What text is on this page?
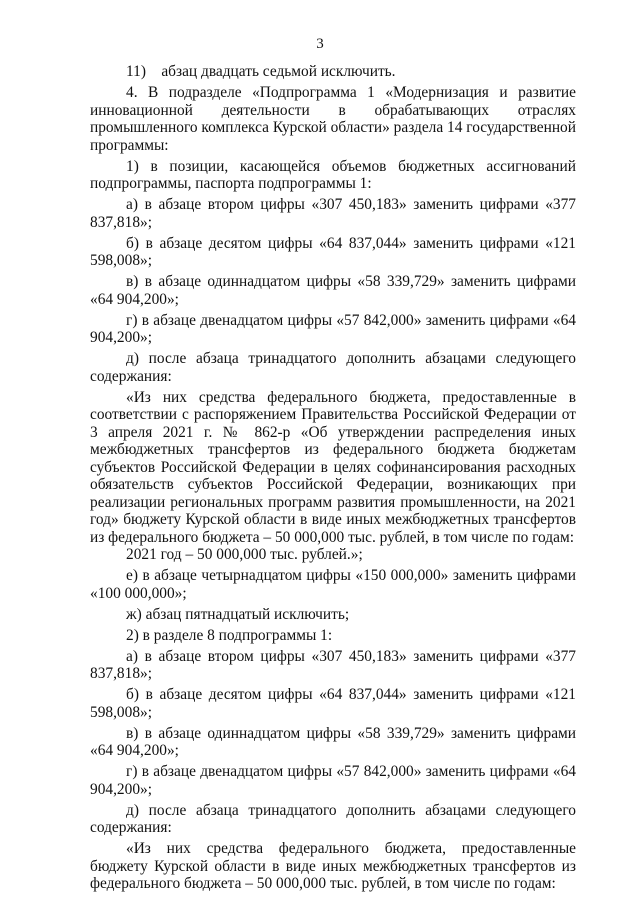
3

11)    абзац двадцать седьмой исключить.

4. В подразделе «Подпрограмма 1 «Модернизация и развитие инновационной деятельности в обрабатывающих отраслях промышленного комплекса Курской области» раздела 14 государственной программы:

1) в позиции, касающейся объемов бюджетных ассигнований подпрограммы, паспорта подпрограммы 1:

а) в абзаце втором цифры «307 450,183» заменить цифрами «377 837,818»;

б) в абзаце десятом цифры «64 837,044» заменить цифрами «121 598,008»;

в) в абзаце одиннадцатом цифры «58 339,729» заменить цифрами «64 904,200»;

г) в абзаце двенадцатом цифры «57 842,000» заменить цифрами «64 904,200»;

д) после абзаца тринадцатого дополнить абзацами следующего содержания:

«Из них средства федерального бюджета, предоставленные в соответствии с распоряжением Правительства Российской Федерации от 3 апреля 2021 г. № 862-р «Об утверждении распределения иных межбюджетных трансфертов из федерального бюджета бюджетам субъектов Российской Федерации в целях софинансирования расходных обязательств субъектов Российской Федерации, возникающих при реализации региональных программ развития промышленности, на 2021 год» бюджету Курской области в виде иных межбюджетных трансфертов из федерального бюджета – 50 000,000 тыс. рублей, в том числе по годам:

2021 год – 50 000,000 тыс. рублей.»;

е) в абзаце четырнадцатом цифры «150 000,000» заменить цифрами «100 000,000»;

ж) абзац пятнадцатый исключить;

2) в разделе 8 подпрограммы 1:

а) в абзаце втором цифры «307 450,183» заменить цифрами «377 837,818»;

б) в абзаце десятом цифры «64 837,044» заменить цифрами «121 598,008»;

в) в абзаце одиннадцатом цифры «58 339,729» заменить цифрами «64 904,200»;

г) в абзаце двенадцатом цифры «57 842,000» заменить цифрами «64 904,200»;

д) после абзаца тринадцатого дополнить абзацами следующего содержания:

«Из них средства федерального бюджета, предоставленные бюджету Курской области в виде иных межбюджетных трансфертов из федерального бюджета – 50 000,000 тыс. рублей, в том числе по годам:
